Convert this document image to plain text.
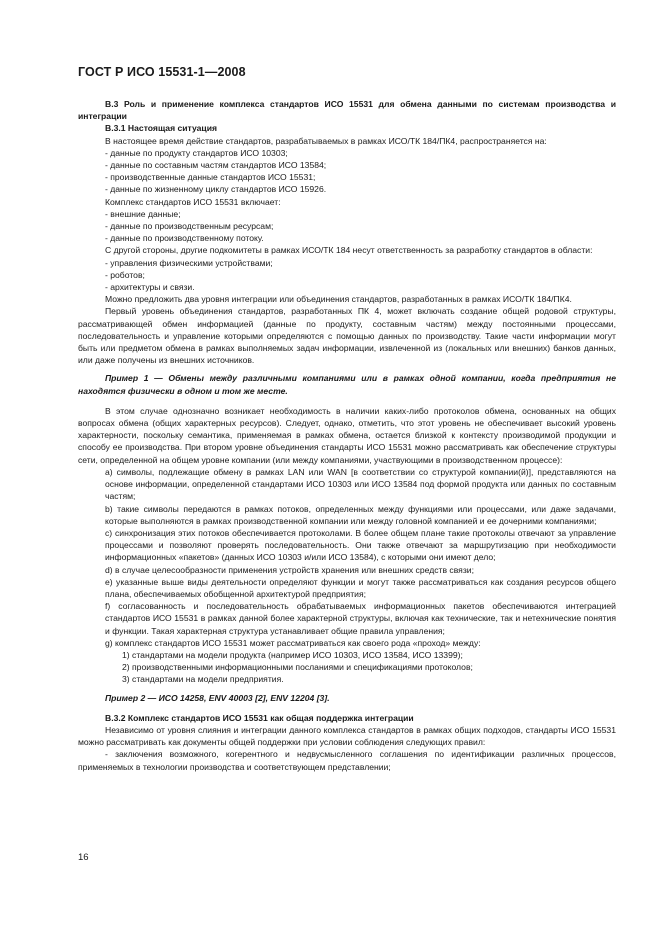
ГОСТ Р ИСО 15531-1—2008

В.3 Роль и применение комплекса стандартов ИСО 15531 для обмена данными по системам производства и интеграции

В.3.1 Настоящая ситуация

В настоящее время действие стандартов, разрабатываемых в рамках ИСО/ТК 184/ПК4, распространяется на:

- данные по продукту стандартов ИСО 10303;

- данные по составным частям стандартов ИСО 13584;

- производственные данные стандартов ИСО 15531;

- данные по жизненному циклу стандартов ИСО 15926.

Комплекс стандартов ИСО 15531 включает:

- внешние данные;

- данные по производственным ресурсам;

- данные по производственному потоку.

С другой стороны, другие подкомитеты в рамках ИСО/ТК 184 несут ответственность за разработку стандартов в области:

- управления физическими устройствами;

- роботов;

- архитектуры и связи.

Можно предложить два уровня интеграции или объединения стандартов, разработанных в рамках ИСО/ТК 184/ПК4.

Первый уровень объединения стандартов, разработанных ПК 4, может включать создание общей родовой структуры, рассматривающей обмен информацией (данные по продукту, составным частям) между постоянными процессами, последовательность и управление которыми определяются с помощью данных по производству. Такие части информации могут быть или предметом обмена в рамках выполняемых задач информации, извлеченной из (локальных или внешних) банков данных, или даже получены из внешних источников.

Пример 1 — Обмены между различными компаниями или в рамках одной компании, когда предприятия не находятся физически в одном и том же месте.

В этом случае однозначно возникает необходимость в наличии каких-либо протоколов обмена, основанных на общих вопросах обмена (общих характерных ресурсов). Следует, однако, отметить, что этот уровень не обеспечивает высокий уровень характерности, поскольку семантика, применяемая в рамках обмена, остается близкой к контексту производимой продукции и способу ее производства. При втором уровне объединения стандарты ИСО 15531 можно рассматривать как обеспечение структуры сети, определенной на общем уровне компании (или между компаниями, участвующими в производственном процессе):

a) символы, подлежащие обмену в рамках LAN или WAN [в соответствии со структурой компании(й)], представляются на основе информации, определенной стандартами ИСО 10303 или ИСО 13584 под формой продукта или данных по составным частям;

b) такие символы передаются в рамках потоков, определенных между функциями или процессами, или даже задачами, которые выполняются в рамках производственной компании или между головной компанией и ее дочерними компаниями;

c) синхронизация этих потоков обеспечивается протоколами. В более общем плане такие протоколы отвечают за управление процессами и позволяют проверять последовательность. Они также отвечают за маршрутизацию при необходимости информационных «пакетов» (данных ИСО 10303 и/или ИСО 13584), с которыми они имеют дело;

d) в случае целесообразности применения устройств хранения или внешних средств связи;

e) указанные выше виды деятельности определяют функции и могут также рассматриваться как создания ресурсов общего плана, обеспечиваемых обобщенной архитектурой предприятия;

f) согласованность и последовательность обрабатываемых информационных пакетов обеспечиваются интеграцией стандартов ИСО 15531 в рамках данной более характерной структуры, включая как технические, так и нетехнические понятия и функции. Такая характерная структура устанавливает общие правила управления;

g) комплекс стандартов ИСО 15531 может рассматриваться как своего рода «проход» между:

1) стандартами на модели продукта (например ИСО 10303, ИСО 13584, ИСО 13399);

2) производственными информационными посланиями и спецификациями протоколов;

3) стандартами на модели предприятия.

Пример 2 — ИСО 14258, ENV 40003 [2], ENV 12204 [3].

В.3.2 Комплекс стандартов ИСО 15531 как общая поддержка интеграции

Независимо от уровня слияния и интеграции данного комплекса стандартов в рамках общих подходов, стандарты ИСО 15531 можно рассматривать как документы общей поддержки при условии соблюдения следующих правил:

- заключения возможного, когерентного и недвусмысленного соглашения по идентификации различных процессов, применяемых в технологии производства и соответствующем представлении;

16
